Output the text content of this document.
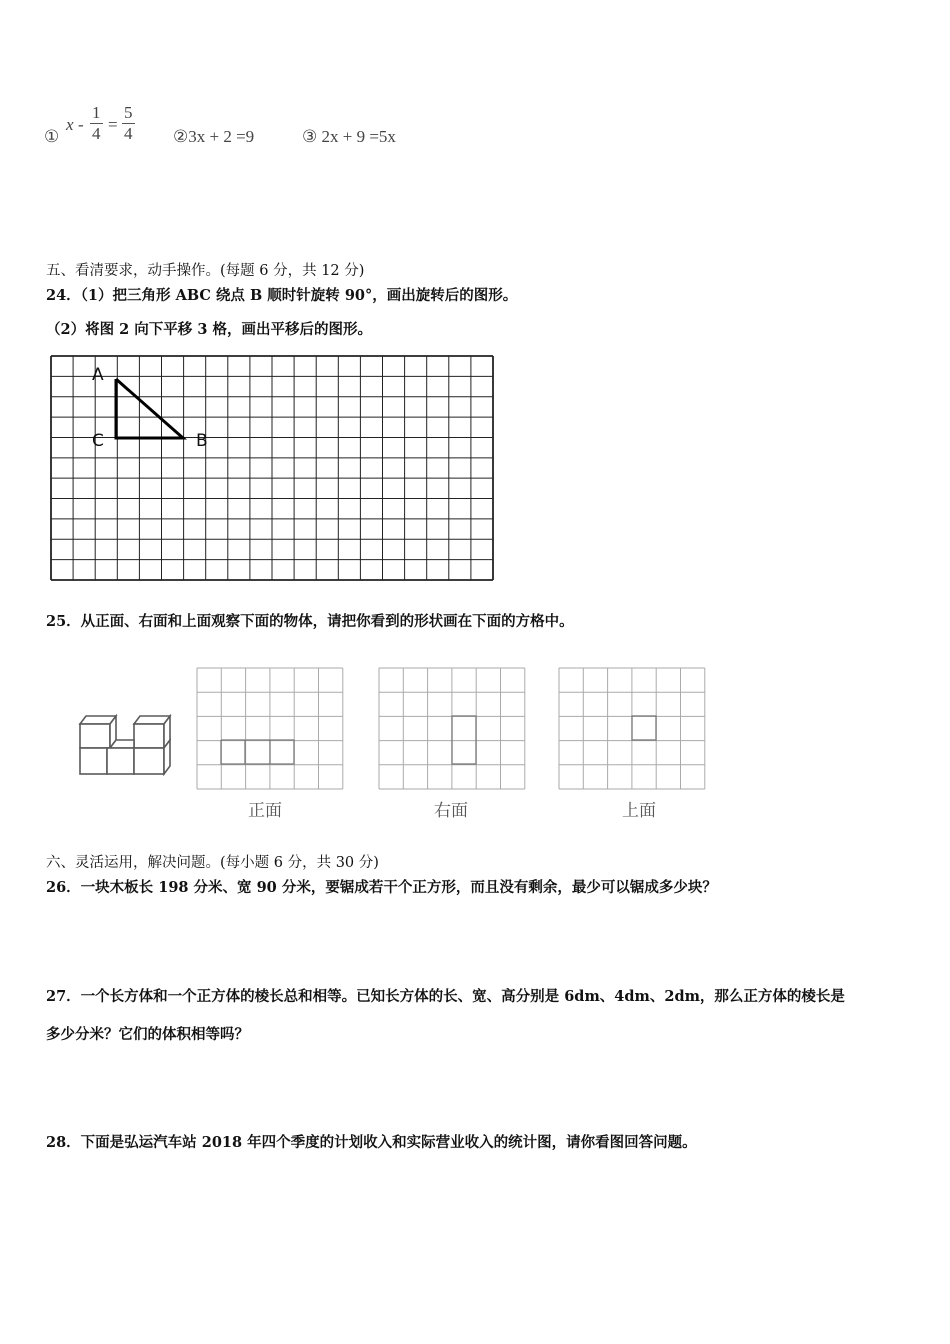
①
$x - \frac{1}{4} = \frac{5}{4}$ ②3x + 2 =9	③ 2x + 9 =5x
五、看清要求，动手操作。(每题 6 分，共 12 分)
24．（1）把三角形 ABC 绕点 B 顺时针旋转 90°，画出旋转后的图形。
（2）将图 2 向下平移 3 格，画出平移后的图形。
A
C	B
25．从正面、右面和上面观察下面的物体，请把你看到的形状画在下面的方格中。
正面	右面	上面
六、灵活运用，解决问题。(每小题 6 分，共 30 分)
26．一块木板长 198 分米、宽 90 分米，要锯成若干个正方形，而且没有剩余，最少可以锯成多少块？
27．一个长方体和一个正方体的棱长总和相等。已知长方体的长、宽、高分别是 6dm、4dm、2dm，那么正方体的棱长是
多少分米？它们的体积相等吗？
28．下面是弘运汽车站 2018 年四个季度的计划收入和实际营业收入的统计图，请你看图回答问题。
